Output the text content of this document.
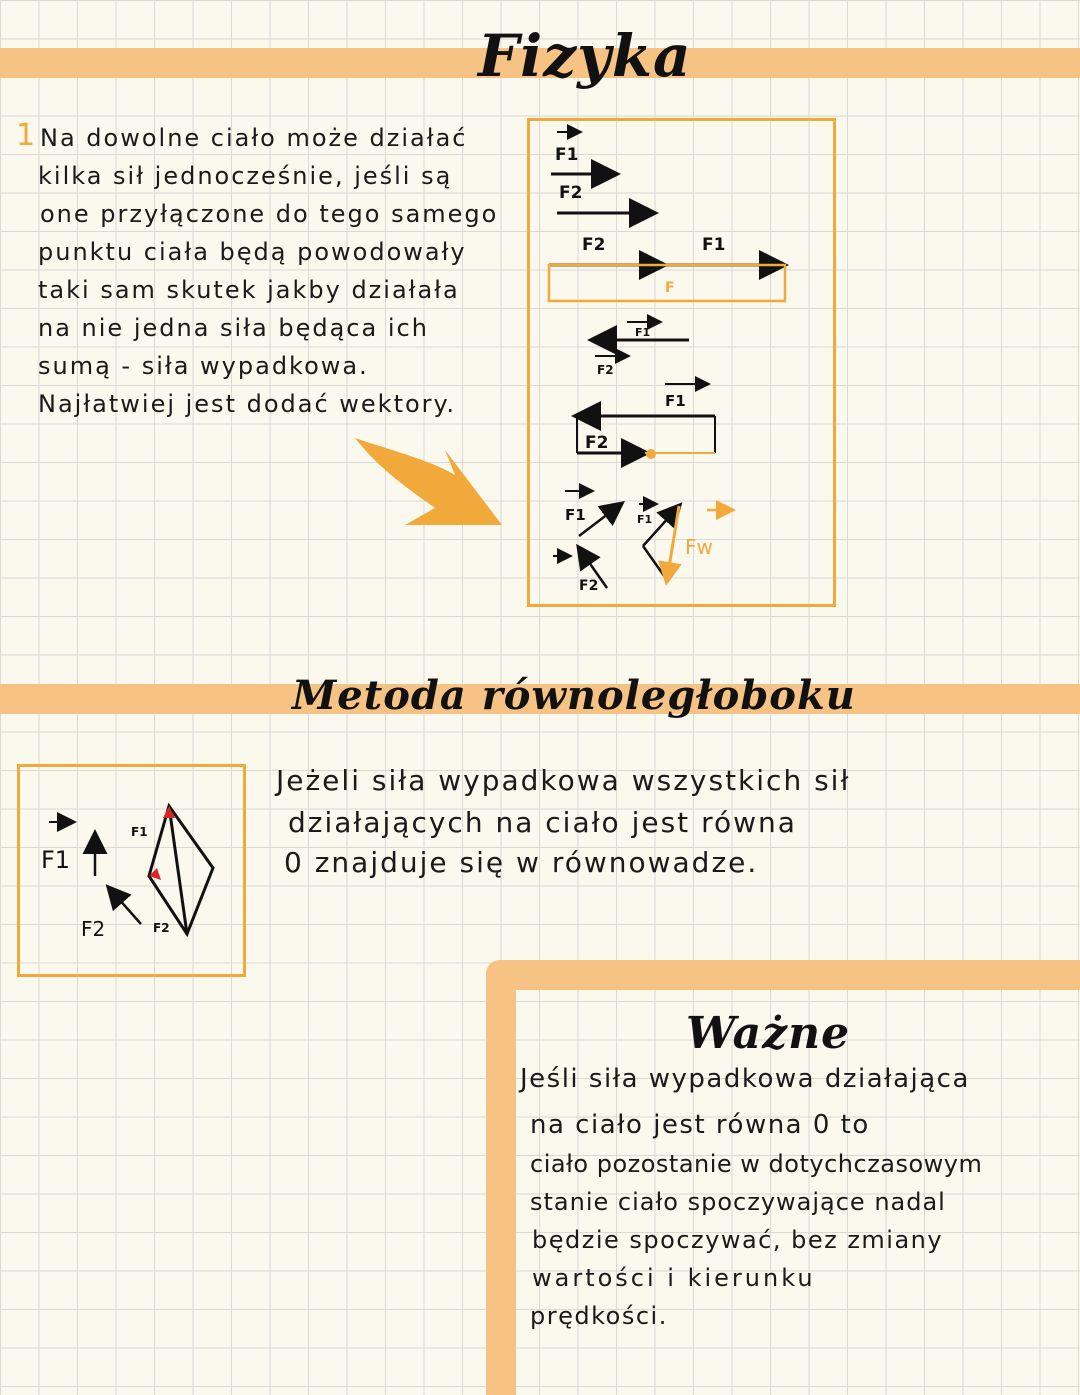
Fizyka
1 Na dowolne ciało może działać
kilka sił jednocześnie, jeśli są
one przyłączone do tego samego
punktu ciała będą powodowały
taki sam skutek jakby działała
na nie jedna siła będąca ich
sumą - siła wypadkowa.
Najłatwiej jest dodać wektory.
F1
F2
F2	F1
F
F1
F2
F1
F2
F1
F2
F1
Fw
Metoda równoległoboku
F1
F2
F1
F2
Jeżeli siła wypadkowa wszystkich sił
działających na ciało jest równa
0 znajduje się w równowadze.
Ważne
Jeśli siła wypadkowa działająca
na ciało jest równa 0 to
ciało pozostanie w dotychczasowym
stanie ciało spoczywające nadal
będzie spoczywać, bez zmiany
wartości i kierunku
prędkości.
